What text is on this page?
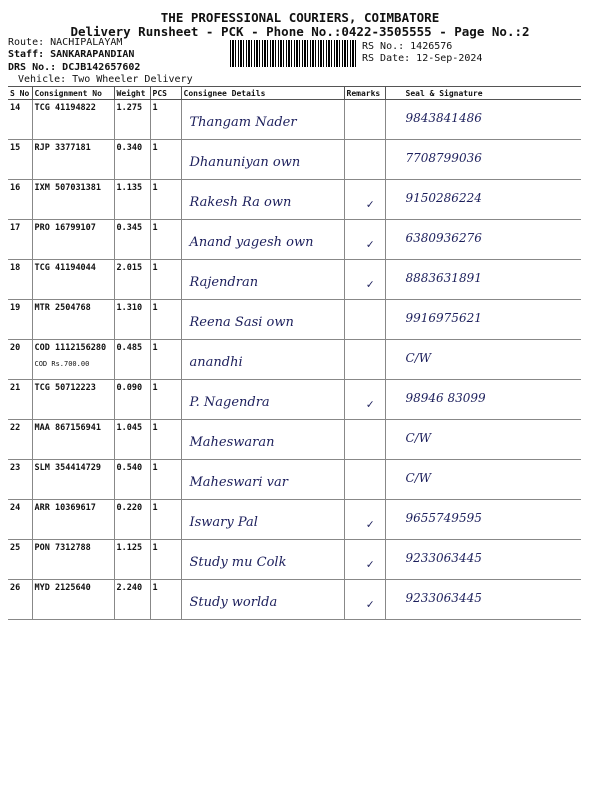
THE PROFESSIONAL COURIERS, COIMBATORE
Delivery Runsheet - PCK - Phone No.:0422-3505555 - Page No.:2
Route: NACHIPALAYAM
Staff: SANKARAPANDIAN
DRS No.: DCJB142657602
Vehicle: Two Wheeler Delivery
RS No.: 1426576
RS Date: 12-Sep-2024
S No	Consignment No	Weight	PCS	Consignee Details	Remarks	Seal & Signature
14	TCG 41194822	1.275	1	Thangam Nader		9843841486

15	RJP 3377181	0.340	1	Dhanuniyan own		7708799036

16	IXM 507031381	1.135	1	Rakesh Ra own	✓	9150286224

17	PRO 16799107	0.345	1	Anand yagesh own	✓	6380936276

18	TCG 41194044	2.015	1	Rajendran	✓	8883631891

19	MTR 2504768	1.310	1	Reena Sasi own		9916975621

20	COD 1112156280
COD Rs.700.00	0.485	1	anandhi		C/W

21	TCG 50712223	0.090	1	P. Nagendra	✓	98946 83099

22	MAA 867156941	1.045	1	Maheswaran		C/W

23	SLM 354414729	0.540	1	Maheswari var		C/W

24	ARR 10369617	0.220	1	Iswary Pal	✓	9655749595

25	PON 7312788	1.125	1	Study mu Colk	✓	9233063445

26	MYD 2125640	2.240	1	Study worlda	✓	9233063445
